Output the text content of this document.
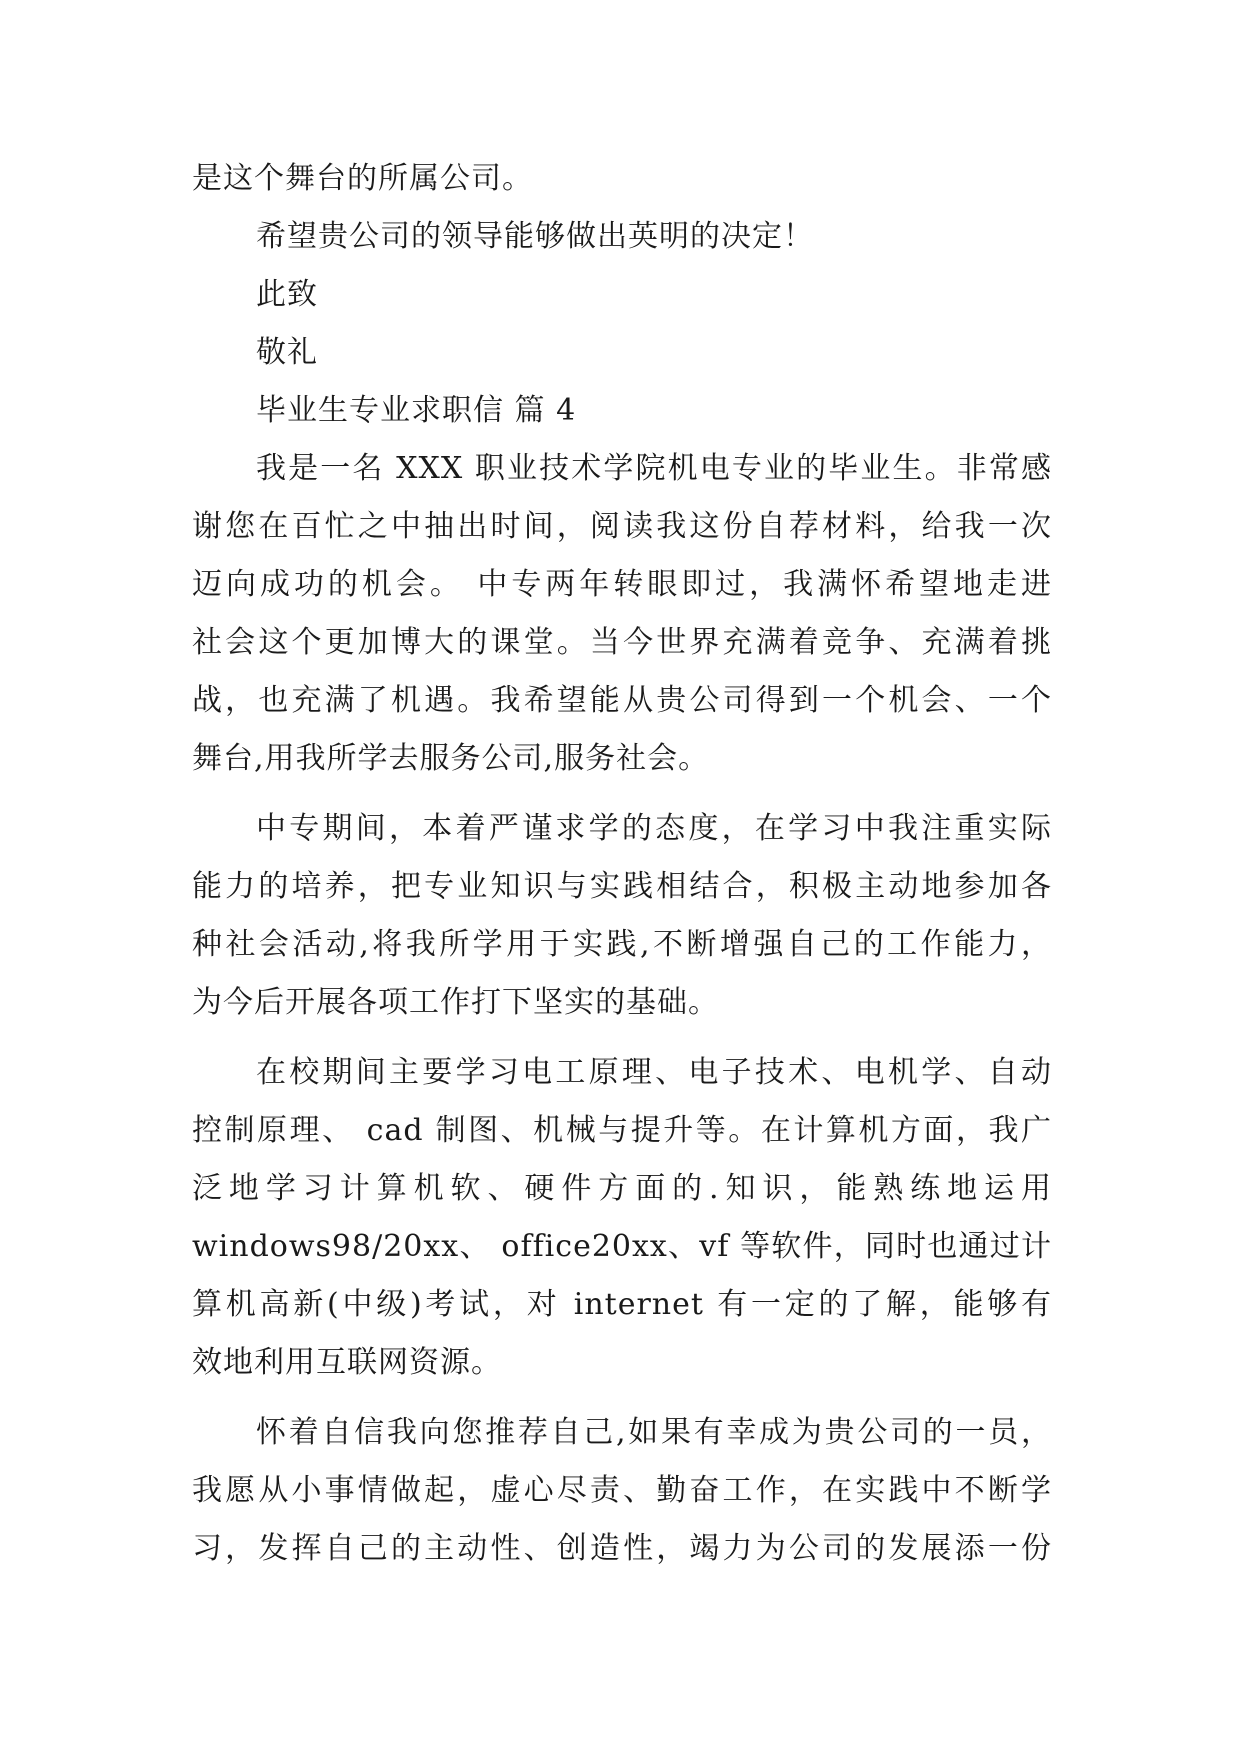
是这个舞台的所属公司。
希望贵公司的领导能够做出英明的决定！
此致
敬礼
毕业生专业求职信 篇 4
我是一名 XXX 职业技术学院机电专业的毕业生。非常感
谢您在百忙之中抽出时间，阅读我这份自荐材料，给我一次
迈向成功的机会。 中专两年转眼即过，我满怀希望地走进
社会这个更加博大的课堂。当今世界充满着竞争、充满着挑
战，也充满了机遇。我希望能从贵公司得到一个机会、一个
舞台,用我所学去服务公司,服务社会。
中专期间，本着严谨求学的态度，在学习中我注重实际
能力的培养，把专业知识与实践相结合，积极主动地参加各
种社会活动,将我所学用于实践,不断增强自己的工作能力，
为今后开展各项工作打下坚实的基础。
在校期间主要学习电工原理、电子技术、电机学、自动
控制原理、 cad 制图、机械与提升等。在计算机方面，我广
泛地学习计算机软、硬件方面的.知识，能熟练地运用
windows98/20xx、 office20xx、vf 等软件，同时也通过计
算机高新(中级)考试，对 internet 有一定的了解，能够有
效地利用互联网资源。
怀着自信我向您推荐自己,如果有幸成为贵公司的一员，
我愿从小事情做起，虚心尽责、勤奋工作，在实践中不断学
习，发挥自己的主动性、创造性，竭力为公司的发展添一份
